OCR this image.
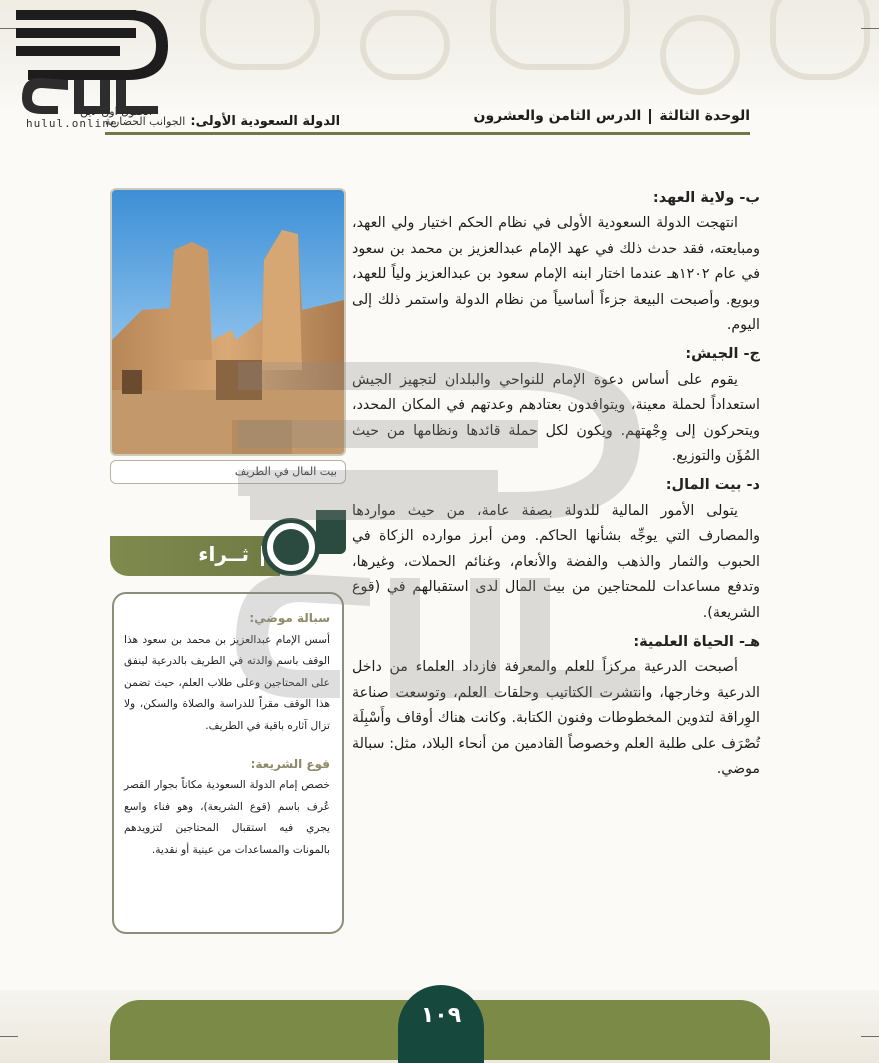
الحلول اون لاين
hulul.online	الوحدة الثالثةالدرس الثامن والعشرون
الدولة السعودية الأولى: الجوانب الحضارية
ب- ولاية العهد:

انتهجت الدولة السعودية الأولى في نظام الحكم اختيار ولي العهد، ومبايعته، فقد حدث ذلك في عهد الإمام عبدالعزيز بن محمد بن سعود في عام ١٢٠٢هـ عندما اختار ابنه الإمام سعود بن عبدالعزيز ولياً للعهد، وبويع. وأصبحت البيعة جزءاً أساسياً من نظام الدولة واستمر ذلك إلى اليوم.

ج- الجيش:

يقوم على أساس دعوة الإمام للنواحي والبلدان لتجهيز الجيش استعداداً لحملة معينة، ويتوافدون بعتادهم وعدتهم في المكان المحدد، ويتحركون إلى وِجْهتهم. ويكون لكل حملة قائدها ونظامها من حيث المُؤَن والتوزيع.

د- بيت المال:

يتولى الأمور المالية للدولة بصفة عامة، من حيث مواردها والمصارف التي يوجِّه بشأنها الحاكم. ومن أبرز موارده الزكاة في الحبوب والثمار والذهب والفضة والأنعام، وغنائم الحملات، وغيرها، وتدفع مساعدات للمحتاجين من بيت المال لدى استقبالهم في (قوع الشريعة).

هـ- الحياة العلمية:

أصبحت الدرعية مركزاً للعلم والمعرفة فازداد العلماء من داخل الدرعية وخارجها، وانتشرت الكتاتيب وحلقات العلم، وتوسعت صناعة الوِراقة لتدوين المخطوطات وفنون الكتابة. وكانت هناك أوقاف وأَسْبِلَة تُصْرَف على طلبة العلم وخصوصاً القادمين من أنحاء البلاد، مثل: سبالة موضي.

بيت المال في الطريف
ثــراء
سبالة موضي:

أسس الإمام عبدالعزيز بن محمد بن سعود هذا الوقف باسم والدته في الطريف بالدرعية لينفق على المحتاجين وعلى طلاب العلم، حيث تضمن هذا الوقف مقراً للدراسة والصلاة والسكن، ولا تزال آثاره باقية في الطريف.

قوع الشريعة:

خصص إمام الدولة السعودية مكاناً بجوار القصر عُرف باسم (قوع الشريعة)، وهو فناء واسع يجري فيه استقبال المحتاجين لتزويدهم بالمونات والمساعدات من عينية أو نقدية.

١٠٩
